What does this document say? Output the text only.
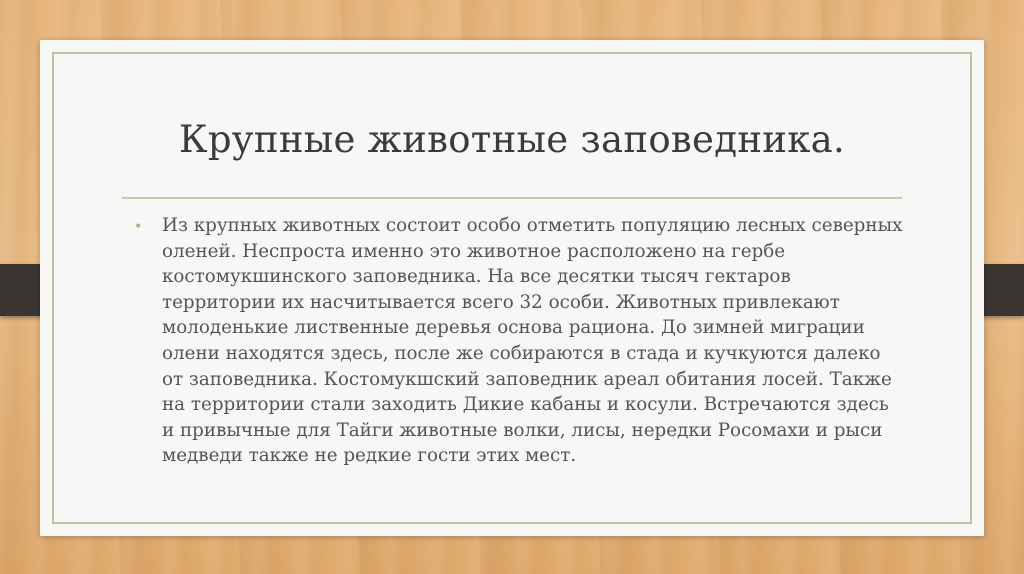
Крупные животные заповедника.
•	Из крупных животных состоит особо отметить популяцию лесных северных оленей. Неспроста именно это животное расположено на гербе костомукшинского заповедника. На все десятки тысяч гектаров территории их насчитывается всего 32 особи. Животных привлекают молоденькие лиственные деревья основа рациона. До зимней миграции олени находятся здесь, после же собираются в стада и кучкуются далеко от заповедника. Костомукшский заповедник ареал обитания лосей. Также на территории стали заходить Дикие кабаны и косули. Встречаются здесь и привычные для Тайги животные волки, лисы, нередки Росомахи и рыси медведи также не редкие гости этих мест.
